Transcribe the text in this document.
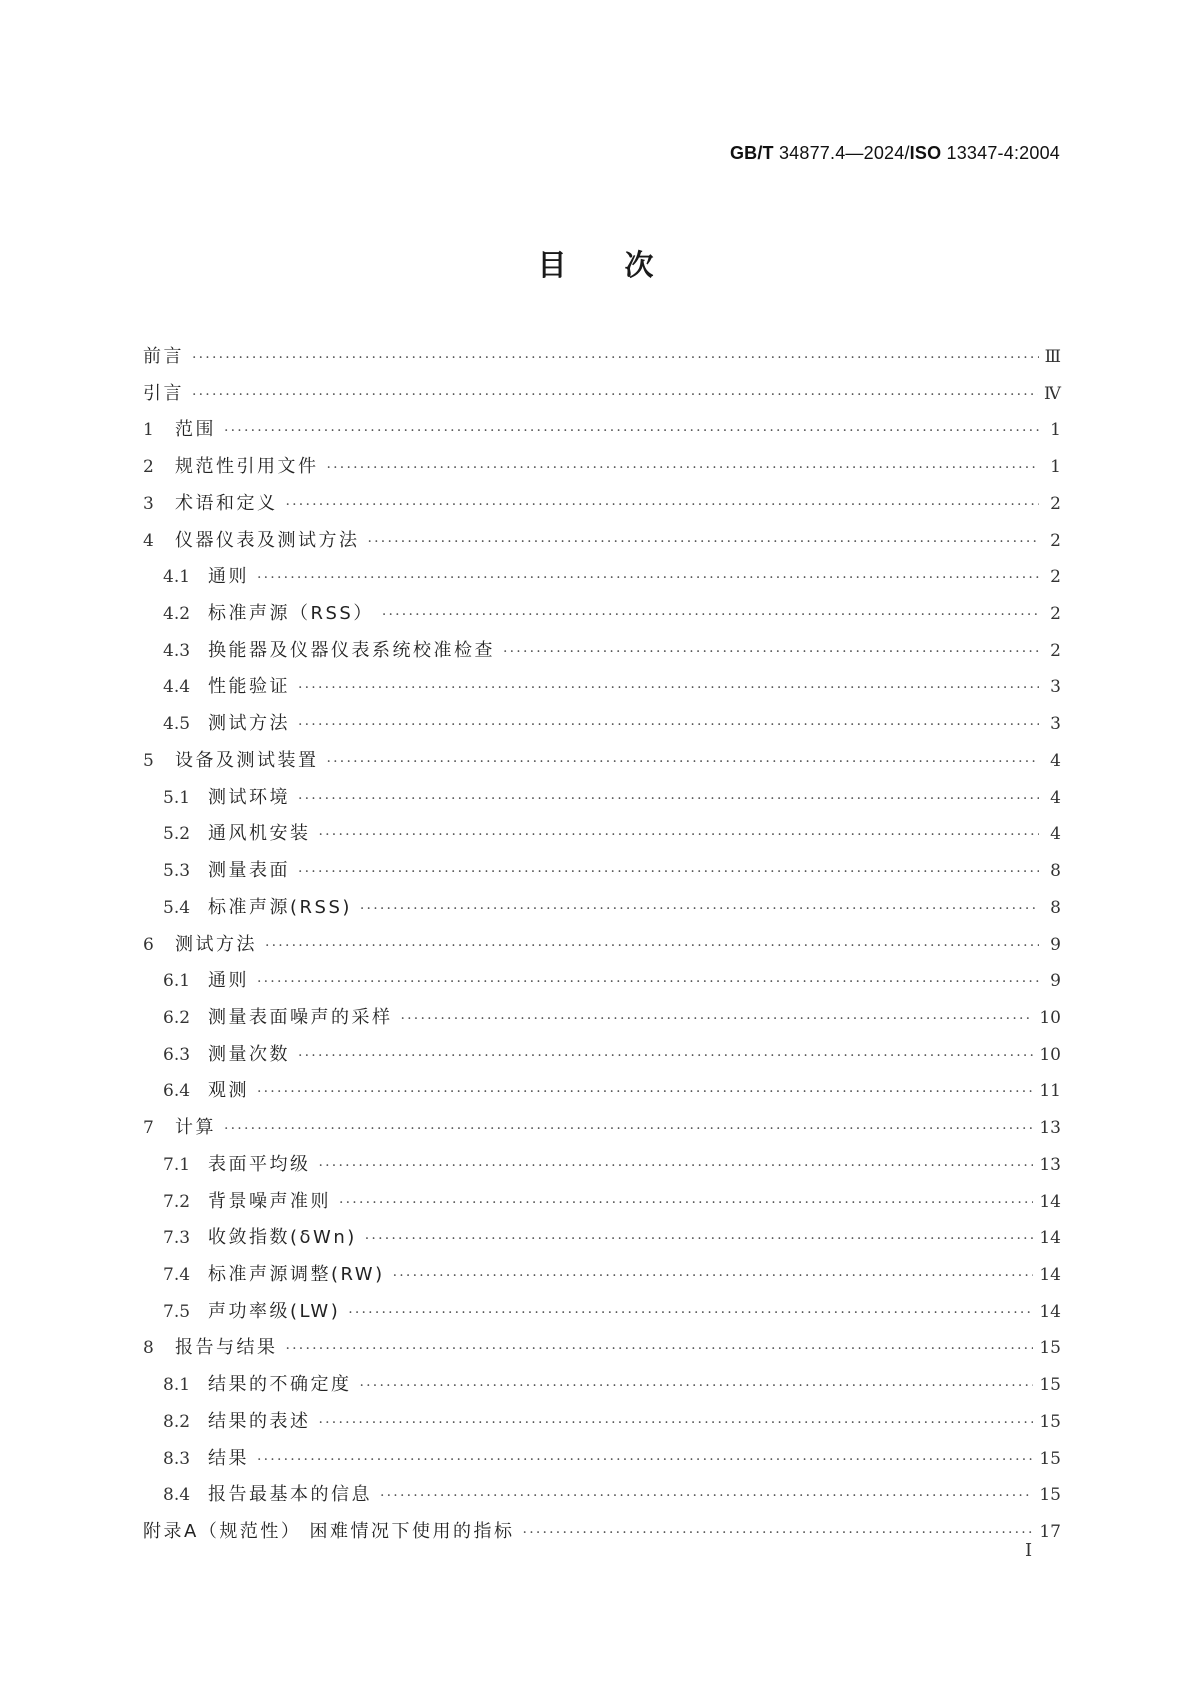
GB/T 34877.4—2024/ISO 13347-4:2004
目次
前言 ·····	Ⅲ
引言 ·····	Ⅳ
1	范围 ·····	1
2	规范性引用文件 ·····	1
3	术语和定义 ·····	2
4	仪器仪表及测试方法 ·····	2
4.1 通则 ·····	2
4.2 标准声源（RSS） ·····	2
4.3 换能器及仪器仪表系统校准检查 ·····	2
4.4 性能验证 ·····	3
4.5 测试方法 ·····	3
5	设备及测试装置 ·····	4
5.1 测试环境 ·····	4
5.2 通风机安装 ·····	4
5.3 测量表面 ·····	8
5.4 标准声源(RSS) ·····	8
6	测试方法 ·····	9
6.1 通则 ·····	9
6.2 测量表面噪声的采样 ·····	10
6.3 测量次数 ·····	10
6.4 观测 ·····	11
7	计算 ·····	13
7.1 表面平均级 ·····	13
7.2 背景噪声准则 ·····	14
7.3 收敛指数(δWn) ·····	14
7.4 标准声源调整(RW) ·····	14
7.5 声功率级(LW) ·····	14
8	报告与结果 ·····	15
8.1 结果的不确定度 ·····	15
8.2 结果的表述 ·····	15
8.3 结果 ·····	15
8.4 报告最基本的信息 ·····	15
附录A（规范性） 困难情况下使用的指标 ·····	17
I
